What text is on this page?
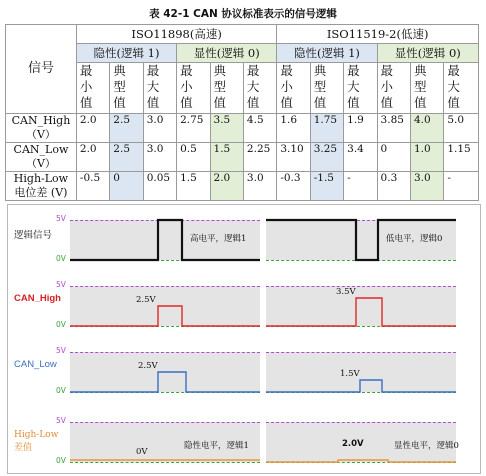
表 42-1 CAN 协议标准表示的信号逻辑
信号	ISO11898(高速)						ISO11519-2(低速)					
	隐性(逻辑 1)			显性(逻辑 0)			隐性(逻辑 1)			显性(逻辑 0)		

	最
小
值	典
型
值	最
大
值	最
小
值	典
型
值	最
大
值	最
小
值	典
型
值	最
大
值	最
小
值	典
型
值	最
大
值

CAN_High
（V）	2.0	2.5	3.0	2.75	3.5	4.5	1.6	1.75	1.9	3.85	4.0	5.0

CAN_Low
（V）	2.0	2.5	3.0	0.5	1.5	2.25	3.10	3.25	3.4	0	1.0	1.15

High-Low
电位差 (V)	-0.5	0	0.05	1.5	2.0	3.0	-0.3	-1.5	-	0.3	3.0	-
逻辑信号
5V
0V
高电平，逻辑1	低电平，逻辑0
CAN_High
5V
0V
2.5V
3.5V
CAN_Low
5V
0V
2.5V
1.5V
High-Low
差值
5V
0V
0V
隐性电平，逻辑1	2.0V	显性电平，逻辑0
